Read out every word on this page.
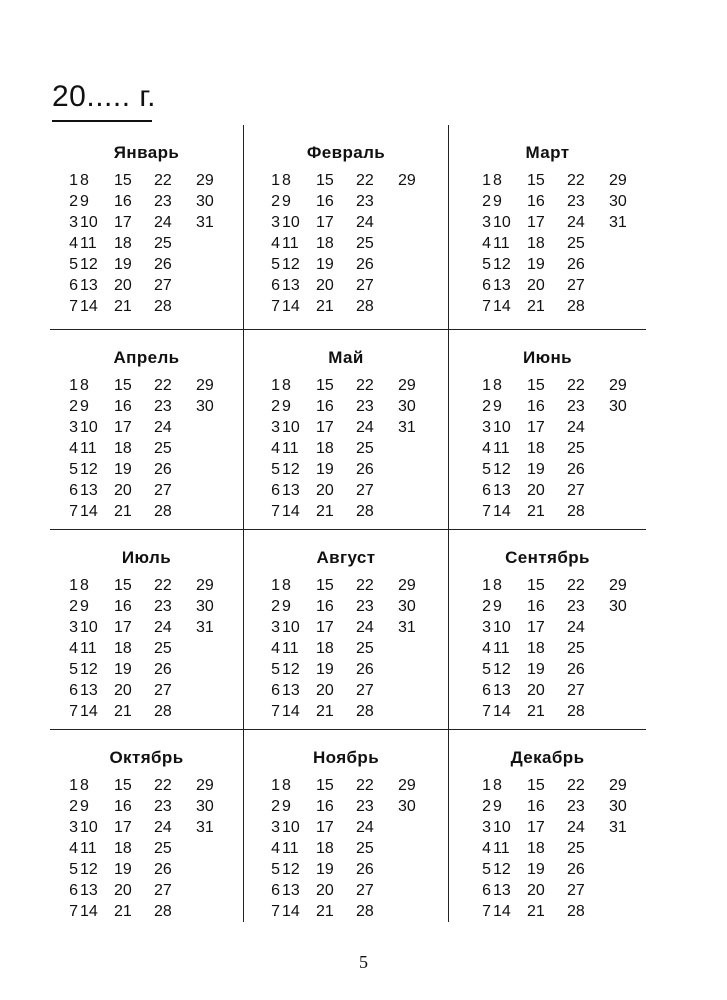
20..... г.
Январь
1 8	15 22 29
2 9	16 23 30
3 10 17 24 31
4 11 18 25
5 12 19 26
6 13 20 27
7 14 21 28
Февраль
1 8	15 22 29
2 9	16 23
3 10 17 24
4 11 18 25
5 12 19 26
6 13 20 27
7 14 21 28
Март
1 8	15 22 29
2 9	16 23 30
3 10 17 24 31
4 11 18 25
5 12 19 26
6 13 20 27
7 14 21 28
Апрель
1 8	15 22 29
2 9	16 23 30
3 10 17 24
4 11 18 25
5 12 19 26
6 13 20 27
7 14 21 28
Май
1 8	15 22 29
2 9	16 23 30
3 10 17 24 31
4 11 18 25
5 12 19 26
6 13 20 27
7 14 21 28
Июнь
1 8	15 22 29
2 9	16 23 30
3 10 17 24
4 11 18 25
5 12 19 26
6 13 20 27
7 14 21 28
Июль
1 8	15 22 29
2 9	16 23 30
3 10 17 24 31
4 11 18 25
5 12 19 26
6 13 20 27
7 14 21 28
Август
1 8	15 22 29
2 9	16 23 30
3 10 17 24 31
4 11 18 25
5 12 19 26
6 13 20 27
7 14 21 28
Сентябрь
1 8	15 22 29
2 9	16 23 30
3 10 17 24
4 11 18 25
5 12 19 26
6 13 20 27
7 14 21 28
Октябрь
1 8	15 22 29
2 9	16 23 30
3 10 17 24 31
4 11 18 25
5 12 19 26
6 13 20 27
7 14 21 28
Ноябрь
1 8	15 22 29
2 9	16 23 30
3 10 17 24
4 11 18 25
5 12 19 26
6 13 20 27
7 14 21 28
Декабрь
1 8	15 22 29
2 9	16 23 30
3 10 17 24 31
4 11 18 25
5 12 19 26
6 13 20 27
7 14 21 28
5
